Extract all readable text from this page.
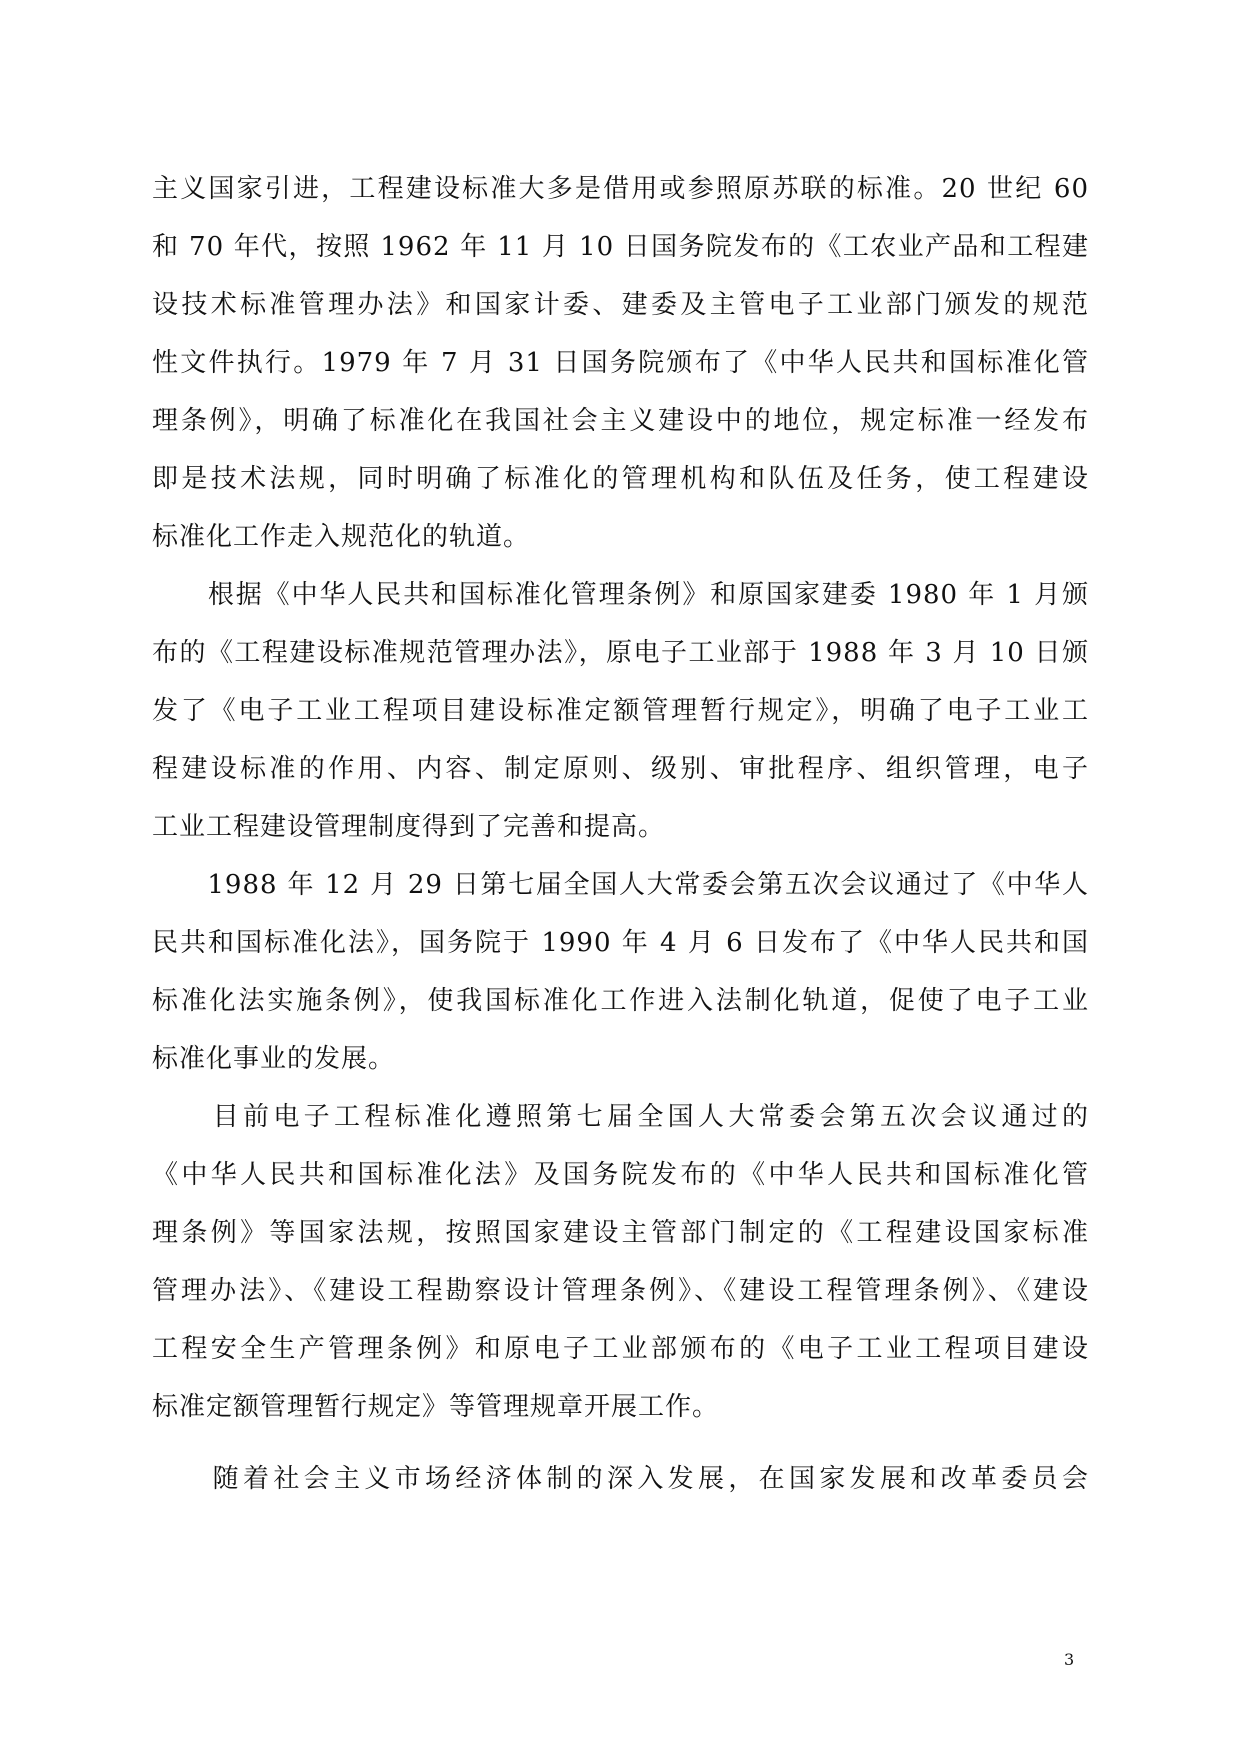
主义国家引进，工程建设标准大多是借用或参照原苏联的标准。20 世纪 60
和 70 年代，按照 1962 年 11 月 10 日国务院发布的《工农业产品和工程建
设技术标准管理办法》和国家计委、建委及主管电子工业部门颁发的规范
性文件执行。1979 年 7 月 31 日国务院颁布了《中华人民共和国标准化管
理条例》，明确了标准化在我国社会主义建设中的地位，规定标准一经发布
即是技术法规，同时明确了标准化的管理机构和队伍及任务，使工程建设
标准化工作走入规范化的轨道。
　　根据《中华人民共和国标准化管理条例》和原国家建委 1980 年 1 月颁
布的《工程建设标准规范管理办法》，原电子工业部于 1988 年 3 月 10 日颁
发了《电子工业工程项目建设标准定额管理暂行规定》，明确了电子工业工
程建设标准的作用、内容、制定原则、级别、审批程序、组织管理，电子
工业工程建设管理制度得到了完善和提高。
　　1988 年 12 月 29 日第七届全国人大常委会第五次会议通过了《中华人
民共和国标准化法》，国务院于 1990 年 4 月 6 日发布了《中华人民共和国
标准化法实施条例》，使我国标准化工作进入法制化轨道，促使了电子工业
标准化事业的发展。
　　目前电子工程标准化遵照第七届全国人大常委会第五次会议通过的
《中华人民共和国标准化法》及国务院发布的《中华人民共和国标准化管
理条例》等国家法规，按照国家建设主管部门制定的《工程建设国家标准
管理办法》、《建设工程勘察设计管理条例》、《建设工程管理条例》、《建设
工程安全生产管理条例》和原电子工业部颁布的《电子工业工程项目建设
标准定额管理暂行规定》等管理规章开展工作。
　　随着社会主义市场经济体制的深入发展，在国家发展和改革委员会
3
